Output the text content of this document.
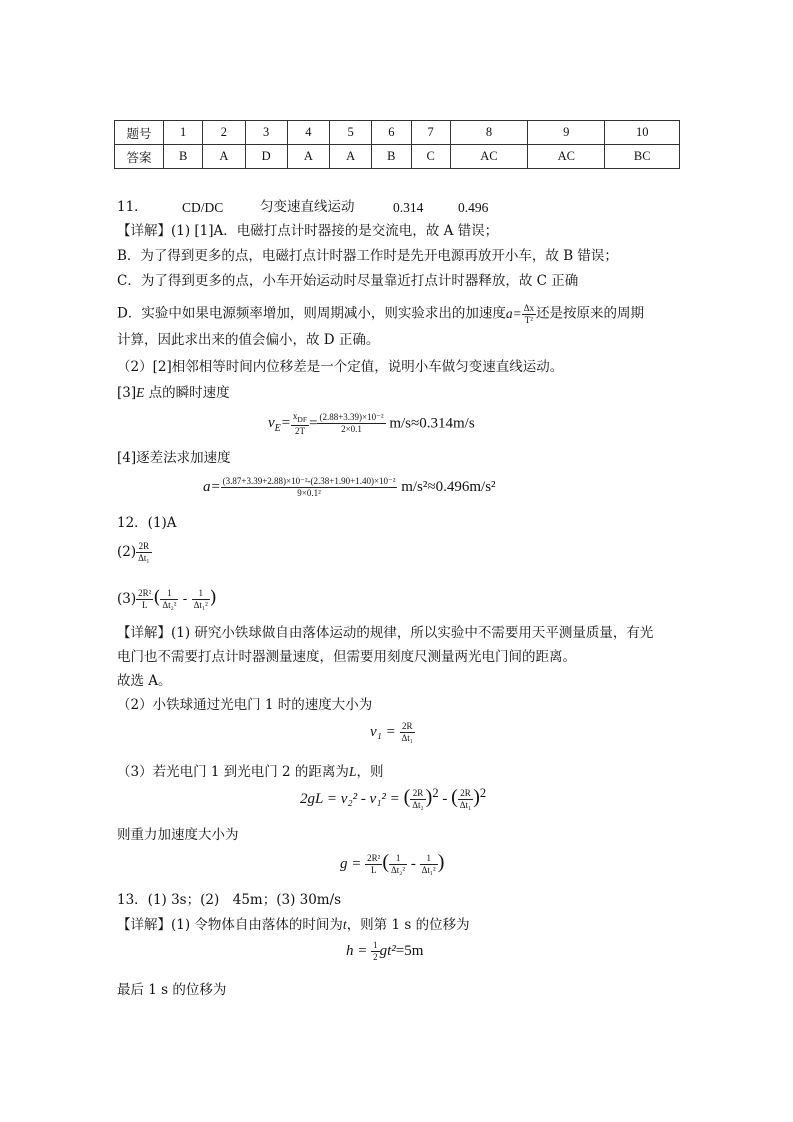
题号	1	2	3	4	5	6	7	8	9	10
答案	B	A	D	A	A	B	C	AC	AC	BC
11．	CD/DC	匀变速直线运动	0.314	0.496
【详解】(1) [1]A．电磁打点计时器接的是交流电，故 A 错误；
B．为了得到更多的点，电磁打点计时器工作时是先开电源再放开小车，故 B 错误；
C．为了得到更多的点，小车开始运动时尽量靠近打点计时器释放，故 C 正确
D．实验中如果电源频率增加，则周期减小，则实验求出的加速度$a= \frac{\Delta x}{\text{T²}}$ 还是按原来的周期
计算，因此求出来的值会偏小，故 D 正确。
（2）[2]相邻相等时间内位移差是一个定值，说明小车做匀变速直线运动。
[3]E 点的瞬时速度
$v_E= \frac{x_{DF}}{2T} = \frac{\text{(2.88+3.39)×10⁻²}}{2\times 0.1} m/s\approx 0.314m/s$
[4]逐差法求加速度
$a= \frac{\text{(3.87+3.39+2.88)×10⁻²-(2.38+1.90+1.40)×10⁻²}}{\text{9×0.1²}} m/s^2\approx 0.496m/s^2$
12．(1)A
$(2) \frac{2R}{\text{Δt₁}}$
$(3) \frac{\text{2R²}}{L}$ ( $\frac{1}{\text{Δt₂²}} - \frac{1}{\text{Δt₁²}}$ )
【详解】(1) 研究小铁球做自由落体运动的规律，所以实验中不需要用天平测量质量，有光
电门也不需要打点计时器测量速度，但需要用刻度尺测量两光电门间的距离。
故选 A。
（2）小铁球通过光电门 1 时的速度大小为
$v_1 = \frac{2R}{\text{Δt₁}}$
（3）若光电门 1 到光电门 2 的距离为L，则
2gL = v₂² - v₁² = ( $\frac{2R}{\text{Δt₂}} )^2$ - ( $\frac{2R}{\text{Δt₁}} )^2$
则重力加速度大小为
$g = \frac{\text{2R²}}{L}$ ( $\frac{1}{\text{Δt₂²}} - \frac{1}{\text{Δt₁²}}$ )
13．(1) 3s；(2)　45m；(3) 30m/s
【详解】(1) 令物体自由落体的时间为t，则第 1 s 的位移为
$h = \frac{1}{2} gt^2=5m$
最后 1 s 的位移为
